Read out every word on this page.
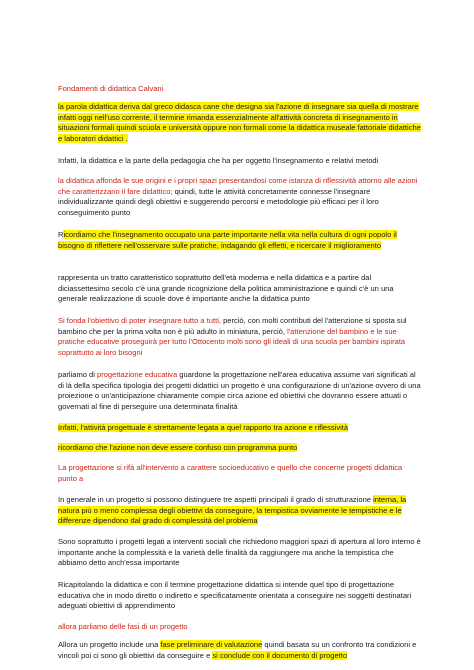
Fondamenti di didattica Calvani

la parola didattica deriva dal greco didasca cane che designa sia l'azione di insegnare sia quella di mostrare infatti oggi nell'uso corrente, il termine rimanda essenzialmente all'attività concreta di insegnamento in situazioni formali quindi scuola e università oppure non formali come la didattica museale fattoriale didattiche e laboratori didattici .

Infatti, la didattica e la parte della pedagogia che ha per oggetto l'insegnamento e relativi metodi

la didattica affonda le sue origini e i propri spazi presentandosi come istanza di riflessività attorno alle azioni che caratterizzano il fare didattico; quindi, tutte le attività concretamente connesse l'insegnare individualizzante quindi degli obiettivi e suggerendo percorsi e metodologie più efficaci per il loro conseguimento punto

Ricordiamo che l'insegnamento occupato una parte importante nella vita nella cultura di ogni popolo il bisogno di riflettere nell'osservare sulle pratiche, indagando gli effetti, e ricercare il miglioramento

rappresenta un tratto caratteristico soprattutto dell'età moderna e nella didattica e a partire dal diciassettesimo secolo c'è una grande ricognizione della politica amministrazione e quindi c'è un una generale realizzazione di scuole dove è importante anche la didattica punto

Si fonda l'obiettivo di poter insegnare tutto a tutti, perciò, con molti contributi del l'attenzione si sposta sul bambino che per la prima volta non è più adulto in miniatura, perciò, l'attenzione del bambino e le sue pratiche educative proseguirà per tutto l'Ottocento molti sono gli ideali di una scuola per bambini ispirata soprattutto ai loro bisogni

parliamo di progettazione educativa guardone la progettazione nell'area educativa assume vari significati al di là della specifica tipologia dei progetti didattici un progetto è una configurazione di un'azione ovvero di una proiezione o un'anticipazione chiaramente compie circa azione ed obiettivi che dovranno essere attuati o governati al fine di perseguire una determinata finalità

Infatti, l'attività progettuale è strettamente legata a quel rapporto tra azione e riflessività

ricordiamo che l'azione non deve essere confuso con programma punto

La progettazione si rifà all'intervento a carattere socioeducativo e quello che concerne progetti didattica punto a

In generale in un progetto si possono distinguere tre aspetti principali il grado di strutturazione interna, la natura più o meno complessa degli obiettivi da conseguire, la tempistica ovviamente le tempistiche e le differenze dipendono dal grado di complessità del problema

Sono soprattutto i progetti legati a interventi sociali che richiedono maggiori spazi di apertura al loro interno è importante anche la complessità e la varietà delle finalità da raggiungere ma anche la tempistica che abbiamo detto anch'essa importante

Ricapitolando la didattica e con il termine progettazione didattica si intende quel tipo di progettazione educativa che in modo diretto o indiretto e specificatamente orientata a conseguire nei soggetti destinatari adeguati obiettivi di apprendimento

allora parliamo delle fasi di un progetto

Allora un progetto include una fase preliminare di valutazione quindi basata su un confronto tra condizioni e vincoli poi ci sono gli obiettivi da conseguire e si conclude con il documento di progetto
